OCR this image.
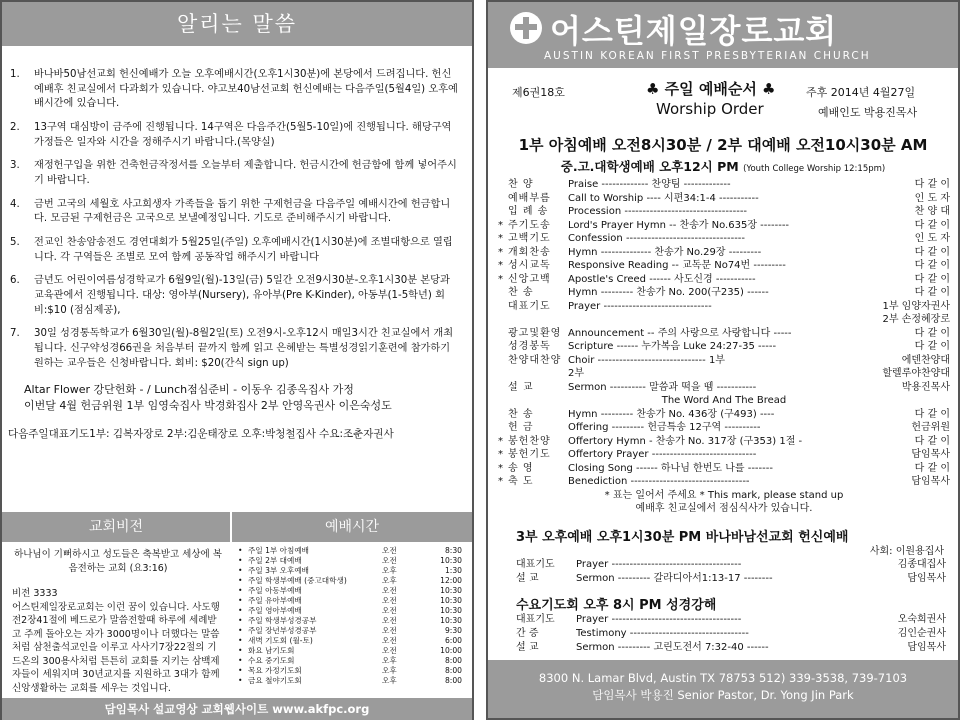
알리는 말씀
1.	바나바50남선교회 헌신예배가 오늘 오후예배시간(오후1시30분)에 본당에서 드려집니다. 헌신예배후 친교실에서 다과회가 있습니다. 야고보40남선교회 헌신예배는 다음주일(5월4일) 오후예배시간에 있습니다.
2.	13구역 대심방이 금주에 진행됩니다. 14구역은 다음주간(5월5-10일)에 진행됩니다. 해당구역 가정들은 일자와 시간을 정해주시기 바랍니다.(목양실)
3.	재정헌구입을 위한 건축헌금작정서를 오늘부터 제출합니다. 헌금시간에 헌금함에 함께 넣어주시기 바랍니다.
4.	금번 고국의 세월호 사고희생자 가족들을 돕기 위한 구제헌금을 다음주일 예배시간에 헌금합니다. 모금된 구제헌금은 고국으로 보낼예정입니다. 기도로 준비해주시기 바랍니다.
5.	전교인 찬송암송전도 경연대회가 5월25일(주일) 오후예배시간(1시30분)에 조별대항으로 열립니다. 각 구역들은 조별로 모여 함께 공동작업 해주시기 바랍니다
6.	금년도 어린이여름성경학교가 6월9일(월)-13일(금) 5일간 오전9시30분-오후1시30분 본당과 교육관에서 진행됩니다. 대상: 영아부(Nursery), 유아부(Pre K-Kinder), 아동부(1-5학년) 회비:$10 (점심제공),
7.	30일 성경통독학교가 6월30일(월)-8월2일(토) 오전9시-오후12시 매일3시간 친교실에서 개최됩니다. 신구약성경66권을 처음부터 끝까지 함께 읽고 은혜받는 특별성경읽기훈련에 참가하기 원하는 교우들은 신청바랍니다. 회비: $20(간식 sign up)
Altar Flower 강단헌화 - / Lunch점심준비 - 이동우 김종옥집사 가정
이번달 4월 헌금위원 1부 임영숙집사 박경화집사 2부 안영옥권사 이은숙성도
다음주일대표기도1부: 김복자장로 2부:김운태장로 오후:박청철집사 수요:조춘자권사
교회비전
하나님이 기뻐하시고 성도들은 축복받고 세상에 복음전하는 교회 (요3:16)
비전 3333
어스틴제일장로교회는 이런 꿈이 있습니다. 사도행전2장41절에 베드로가 말씀전할때 하루에 세례받고 주께 돌아오는 자가 3000명이나 더했다는 말씀처럼 삼천출석교인을 이루고 사사기7장22절의 기드온의 300용사처럼 튼튼히 교회를 지키는 삼백제자들이 세워지며 30년교지를 지원하고 3대가 함께 신앙생활하는 교회를 세우는 것입니다.
예배시간
• 주일 1부 아침예배	오전	8:30
• 주일 2부 대예배	오전	10:30
• 주일 3부 오후예배	오후	1:30
• 주일 학생부예배 (중고대학생)	오후	12:00
• 주일 아동부예배	오전	10:30
• 주일 유아부예배	오전	10:30
• 주일 영아부예배	오전	10:30
• 주일 학생부성경공부	오전	10:30
• 주일 장년부성경공부	오전	9:30
• 새벽 기도회 (월-토)	오전	6:00
• 화요 남기도회	오전	10:00
• 수요 중기도회	오후	8:00
• 목요 가정기도회	오후	8:00
• 금요 철야기도회	오후	8:00
담임목사 설교영상 교회웹사이트 www.akfpc.org
어스틴제일장로교회
AUSTIN KOREAN FIRST PRESBYTERIAN CHURCH
제6권18호	♣ 주일 예배순서 ♣
Worship Order
주후 2014년 4월27일
예배인도 박용진목사
1부 아침예배 오전8시30분 / 2부 대예배 오전10시30분 AM
중.고.대학생예배 오후12시 PM (Youth College Worship 12:15pm)
찬 양	Praise ------------- 찬양팀 -------------	다 같 이
예배부름	Call to Worship ---- 시편34:1-4 -----------	인 도 자
입 례 송	Procession ----------------------------------	찬 양 대
* 주기도송	Lord's Prayer Hymn -- 찬송가 No.635장 --------	다 같 이
* 고백기도	Confession ---------------------------------	인 도 자
* 개회찬송	Hymn -------------- 찬송가 No.29장 ---------	다 같 이
* 성시교독	Responsive Reading -- 교독문 No74번 ---------	다 같 이
* 신앙고백	Apostle's Creed ------ 사도신경 -----------	다 같 이
찬 송	Hymn --------- 찬송가 No. 200(구235) ------	다 같 이
대표기도	Prayer ------------------------------	1부 임양자권사
2부 손정혜장로
광고및환영 Announcement -- 주의 사랑으로 사랑합니다 -----	다 같 이
성경봉독	Scripture ------ 누가복음 Luke 24:27-35 -----	다 같 이
찬양대찬양 Choir ------------------------------ 1부	에덴찬양대
2부	할렐루야찬양대
설 교	Sermon ---------- 말씀과 떡을 뗌 -----------	박용진목사
The Word And The Bread
찬 송	Hymn --------- 찬송가 No. 436장 (구493) ----	다 같 이
헌 금	Offering --------- 헌금특송 12구역 ----------	헌금위원
* 봉헌찬양	Offertory Hymn - 찬송가 No. 317장 (구353) 1절 -	다 같 이
* 봉헌기도	Offertory Prayer -----------------------------	담임목사
* 송 영	Closing Song ------ 하나님 한번도 나를 -------	다 같 이
* 축 도	Benediction ---------------------------------	담임목사
* 표는 일어서 주세요 * This mark, please stand up
예배후 친교실에서 점심식사가 있습니다.
3부 오후예배 오후1시30분 PM 바나바남선교회 헌신예배
사회: 이원용집사
대표기도	Prayer ------------------------------------	김종대집사
설 교	Sermon --------- 갈라디아서1:13-17 --------	담임목사
수요기도회 오후 8시 PM 성경강해
대표기도	Prayer ------------------------------------	오숙희권사
간 증	Testimony ---------------------------------	김인순권사
설 교	Sermon --------- 고린도전서 7:32-40 ------	담임목사
8300 N. Lamar Blvd, Austin TX 78753 512) 339-3538, 739-7103
담임목사 박용진 Senior Pastor, Dr. Yong Jin Park
